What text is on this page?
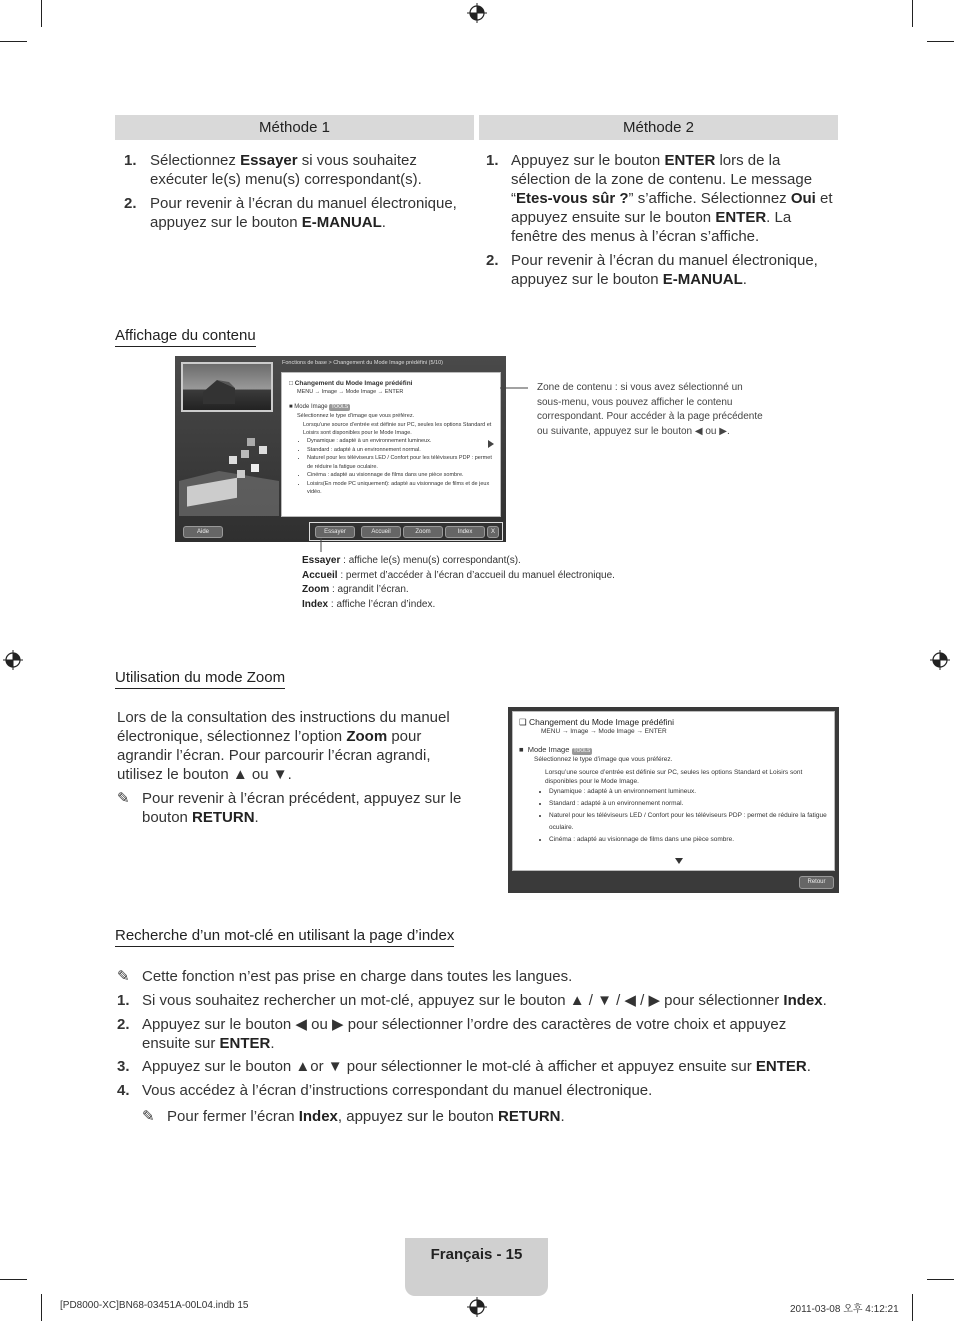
Méthode 1	Méthode 2
1. Sélectionnez Essayer si vous souhaitez exécuter le(s) menu(s) correspondant(s).
2. Pour revenir à l’écran du manuel électronique, appuyez sur le bouton E-MANUAL.
1. Appuyez sur le bouton ENTER lors de la sélection de la zone de contenu. Le message “Etes-vous sûr ?” s’affiche. Sélectionnez Oui et appuyez ensuite sur le bouton ENTER. La fenêtre des menus à l’écran s’affiche.
2. Pour revenir à l’écran du manuel électronique, appuyez sur le bouton E-MANUAL.
Affichage du contenu
Fonctions de base > Changement du Mode Image prédéfini (5/10)
□ Changement du Mode Image prédéfini
MENU → Image → Mode Image → ENTER
■ Mode Image TOOLS
Sélectionnez le type d’image que vous préférez.
Lorsqu’une source d’entrée est définie sur PC, seules les options Standard et Loisirs sont disponibles pour le Mode Image.
• Dynamique : adapté à un environnement lumineux.
• Standard : adapté à un environnement normal.
• Naturel pour les téléviseurs LED / Confort pour les téléviseurs PDP : permet de réduire la fatigue oculaire.
• Cinéma : adapté au visionnage de films dans une pièce sombre.
• Loisirs(En mode PC uniquement): adapté au visionnage de films et de jeux vidéo.
Aide	Essayer	Accueil	Zoom	Index	X
Zone de contenu : si vous avez sélectionné un sous-menu, vous pouvez afficher le contenu correspondant. Pour accéder à la page précédente ou suivante, appuyez sur le bouton ◀ ou ▶.
Essayer : affiche le(s) menu(s) correspondant(s).
Accueil : permet d’accéder à l’écran d’accueil du manuel électronique.
Zoom : agrandit l’écran.
Index : affiche l’écran d’index.
Utilisation du mode Zoom
Lors de la consultation des instructions du manuel électronique, sélectionnez l’option Zoom pour agrandir l’écran. Pour parcourir l’écran agrandi, utilisez le bouton ▲ ou ▼.
✎ Pour revenir à l’écran précédent, appuyez sur le bouton RETURN.
❑ Changement du Mode Image prédéfini
MENU → Image → Mode Image → ENTER
■  Mode Image TOOLS
Sélectionnez le type d’image que vous préférez.
Lorsqu’une source d’entrée est définie sur PC, seules les options Standard et Loisirs sont disponibles pour le Mode Image.
• Dynamique : adapté à un environnement lumineux.
• Standard : adapté à un environnement normal.
• Naturel pour les téléviseurs LED / Confort pour les téléviseurs PDP : permet de réduire la fatigue oculaire.
• Cinéma : adapté au visionnage de films dans une pièce sombre.
Retour
Recherche d’un mot-clé en utilisant la page d’index
✎ Cette fonction n’est pas prise en charge dans toutes les langues.
1. Si vous souhaitez rechercher un mot-clé, appuyez sur le bouton ▲ / ▼ / ◀ / ▶ pour sélectionner Index.
2. Appuyez sur le bouton ◀ ou ▶ pour sélectionner l’ordre des caractères de votre choix et appuyez ensuite sur ENTER.
3. Appuyez sur le bouton ▲or ▼ pour sélectionner le mot-clé à afficher et appuyez ensuite sur ENTER.
4. Vous accédez à l’écran d’instructions correspondant du manuel électronique.
✎ Pour fermer l’écran Index, appuyez sur le bouton RETURN.
Français - 15
[PD8000-XC]BN68-03451A-00L04.indb 15	2011-03-08 오후 4:12:21
